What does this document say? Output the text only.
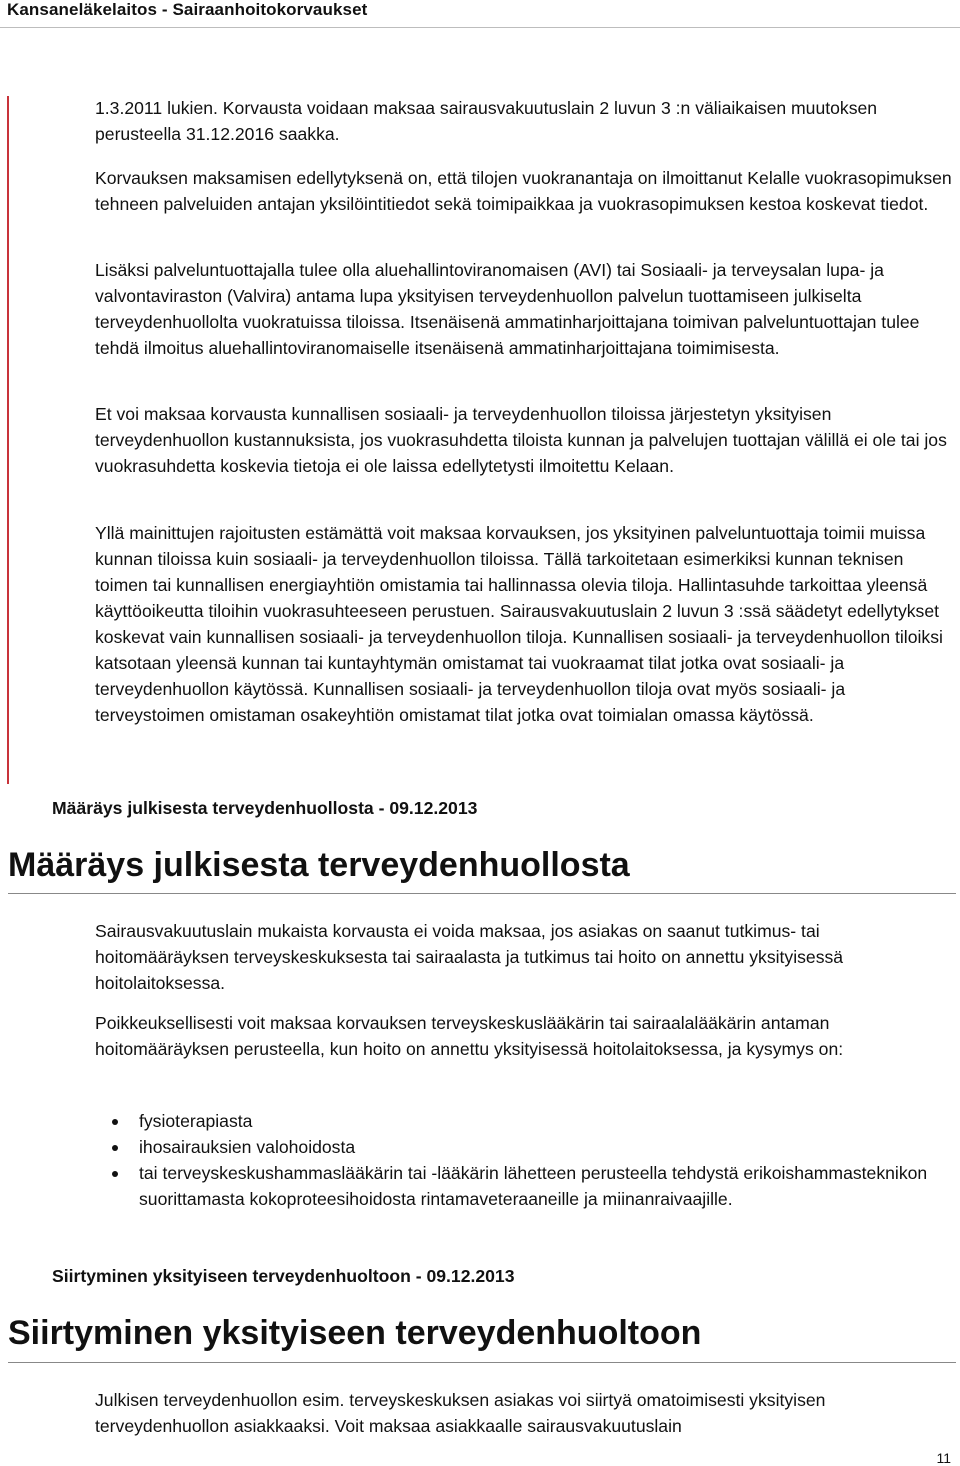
Kansaneläkelaitos - Sairaanhoitokorvaukset

1.3.2011 lukien. Korvausta voidaan maksaa sairausvakuutuslain 2 luvun 3 :n väliaikaisen muutoksen perusteella 31.12.2016 saakka.

Korvauksen maksamisen edellytyksenä on, että tilojen vuokranantaja on ilmoittanut Kelalle vuokrasopimuksen tehneen palveluiden antajan yksilöintitiedot sekä toimipaikkaa ja vuokrasopimuksen kestoa koskevat tiedot.

Lisäksi palveluntuottajalla tulee olla aluehallintoviranomaisen (AVI) tai Sosiaali- ja terveysalan lupa- ja valvontaviraston (Valvira) antama lupa yksityisen terveydenhuollon palvelun tuottamiseen julkiselta terveydenhuollolta vuokratuissa tiloissa. Itsenäisenä ammatinharjoittajana toimivan palveluntuottajan tulee tehdä ilmoitus aluehallintoviranomaiselle itsenäisenä ammatinharjoittajana toimimisesta.

Et voi maksaa korvausta kunnallisen sosiaali- ja terveydenhuollon tiloissa järjestetyn yksityisen terveydenhuollon kustannuksista, jos vuokrasuhdetta tiloista kunnan ja palvelujen tuottajan välillä ei ole tai jos vuokrasuhdetta koskevia tietoja ei ole laissa edellytetysti ilmoitettu Kelaan.

Yllä mainittujen rajoitusten estämättä voit maksaa korvauksen, jos yksityinen palveluntuottaja toimii muissa kunnan tiloissa kuin sosiaali- ja terveydenhuollon tiloissa. Tällä tarkoitetaan esimerkiksi kunnan teknisen toimen tai kunnallisen energiayhtiön omistamia tai hallinnassa olevia tiloja. Hallintasuhde tarkoittaa yleensä käyttöoikeutta tiloihin vuokrasuhteeseen perustuen. Sairausvakuutuslain 2 luvun 3 :ssä säädetyt edellytykset koskevat vain kunnallisen sosiaali- ja terveydenhuollon tiloja. Kunnallisen sosiaali- ja terveydenhuollon tiloiksi katsotaan yleensä kunnan tai kuntayhtymän omistamat tai vuokraamat tilat jotka ovat sosiaali- ja terveydenhuollon käytössä. Kunnallisen sosiaali- ja terveydenhuollon tiloja ovat myös sosiaali- ja terveystoimen omistaman osakeyhtiön omistamat tilat jotka ovat toimialan omassa käytössä.

Määräys julkisesta terveydenhuollosta - 09.12.2013
Määräys julkisesta terveydenhuollosta

Sairausvakuutuslain mukaista korvausta ei voida maksaa, jos asiakas on saanut tutkimus- tai hoitomääräyksen terveyskeskuksesta tai sairaalasta ja tutkimus tai hoito on annettu yksityisessä hoitolaitoksessa.

Poikkeuksellisesti voit maksaa korvauksen terveyskeskuslääkärin tai sairaalalääkärin antaman hoitomääräyksen perusteella, kun hoito on annettu yksityisessä hoitolaitoksessa, ja kysymys on:

fysioterapiasta
ihosairauksien valohoidosta
tai terveyskeskushammaslääkärin tai -lääkärin lähetteen perusteella tehdystä erikoishammasteknikon suorittamasta kokoproteesihoidosta rintamaveteraaneille ja miinanraivaajille.
Siirtyminen yksityiseen terveydenhuoltoon - 09.12.2013
Siirtyminen yksityiseen terveydenhuoltoon

Julkisen terveydenhuollon esim. terveyskeskuksen asiakas voi siirtyä omatoimisesti yksityisen terveydenhuollon asiakkaaksi. Voit maksaa asiakkaalle sairausvakuutuslain

11
